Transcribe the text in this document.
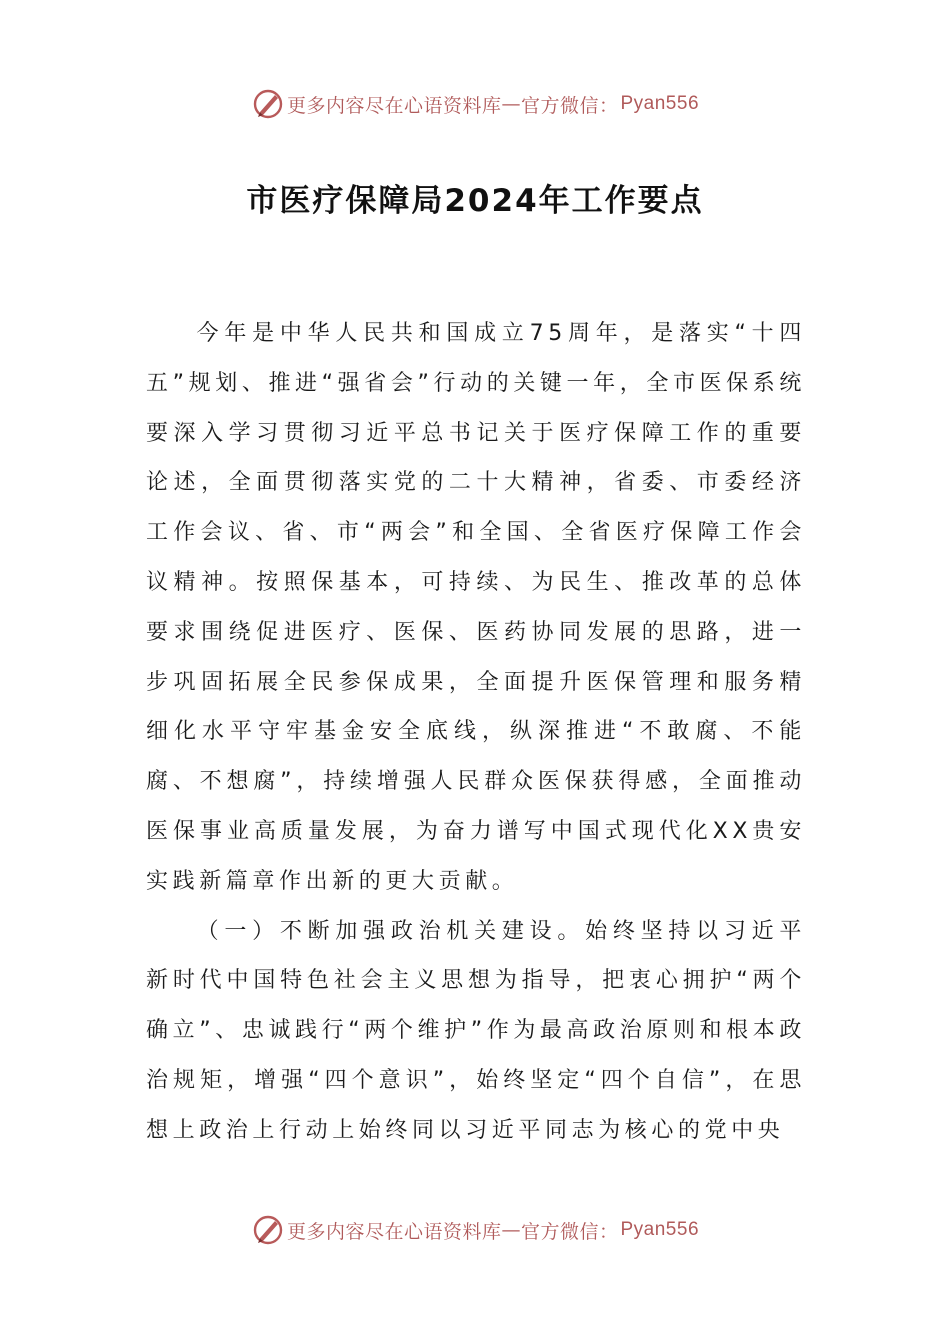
更多内容尽在心语资料库 — 官方微信： Pyan556
市医疗保障局2024年工作要点

今年是中华人民共和国成立75周年，是落实“十四五”规划、推进“强省会”行动的关键一年，全市医保系统要深入学习贯彻习近平总书记关于医疗保障工作的重要论述，全面贯彻落实党的二十大精神，省委、市委经济工作会议、省、市“两会”和全国、全省医疗保障工作会议精神。按照保基本，可持续、为民生、推改革的总体要求围绕促进医疗、医保、医药协同发展的思路，进一步巩固拓展全民参保成果，全面提升医保管理和服务精细化水平守牢基金安全底线，纵深推进“不敢腐、不能腐、不想腐”，持续增强人民群众医保获得感，全面推动医保事业高质量发展，为奋力谱写中国式现代化XX贵安实践新篇章作出新的更大贡献。

（一）不断加强政治机关建设。始终坚持以习近平新时代中国特色社会主义思想为指导，把衷心拥护“两个确立”、忠诚践行“两个维护”作为最高政治原则和根本政治规矩，增强“四个意识”，始终坚定“四个自信”，在思想上政治上行动上始终同以习近平同志为核心的党中央

更多内容尽在心语资料库 — 官方微信： Pyan556
